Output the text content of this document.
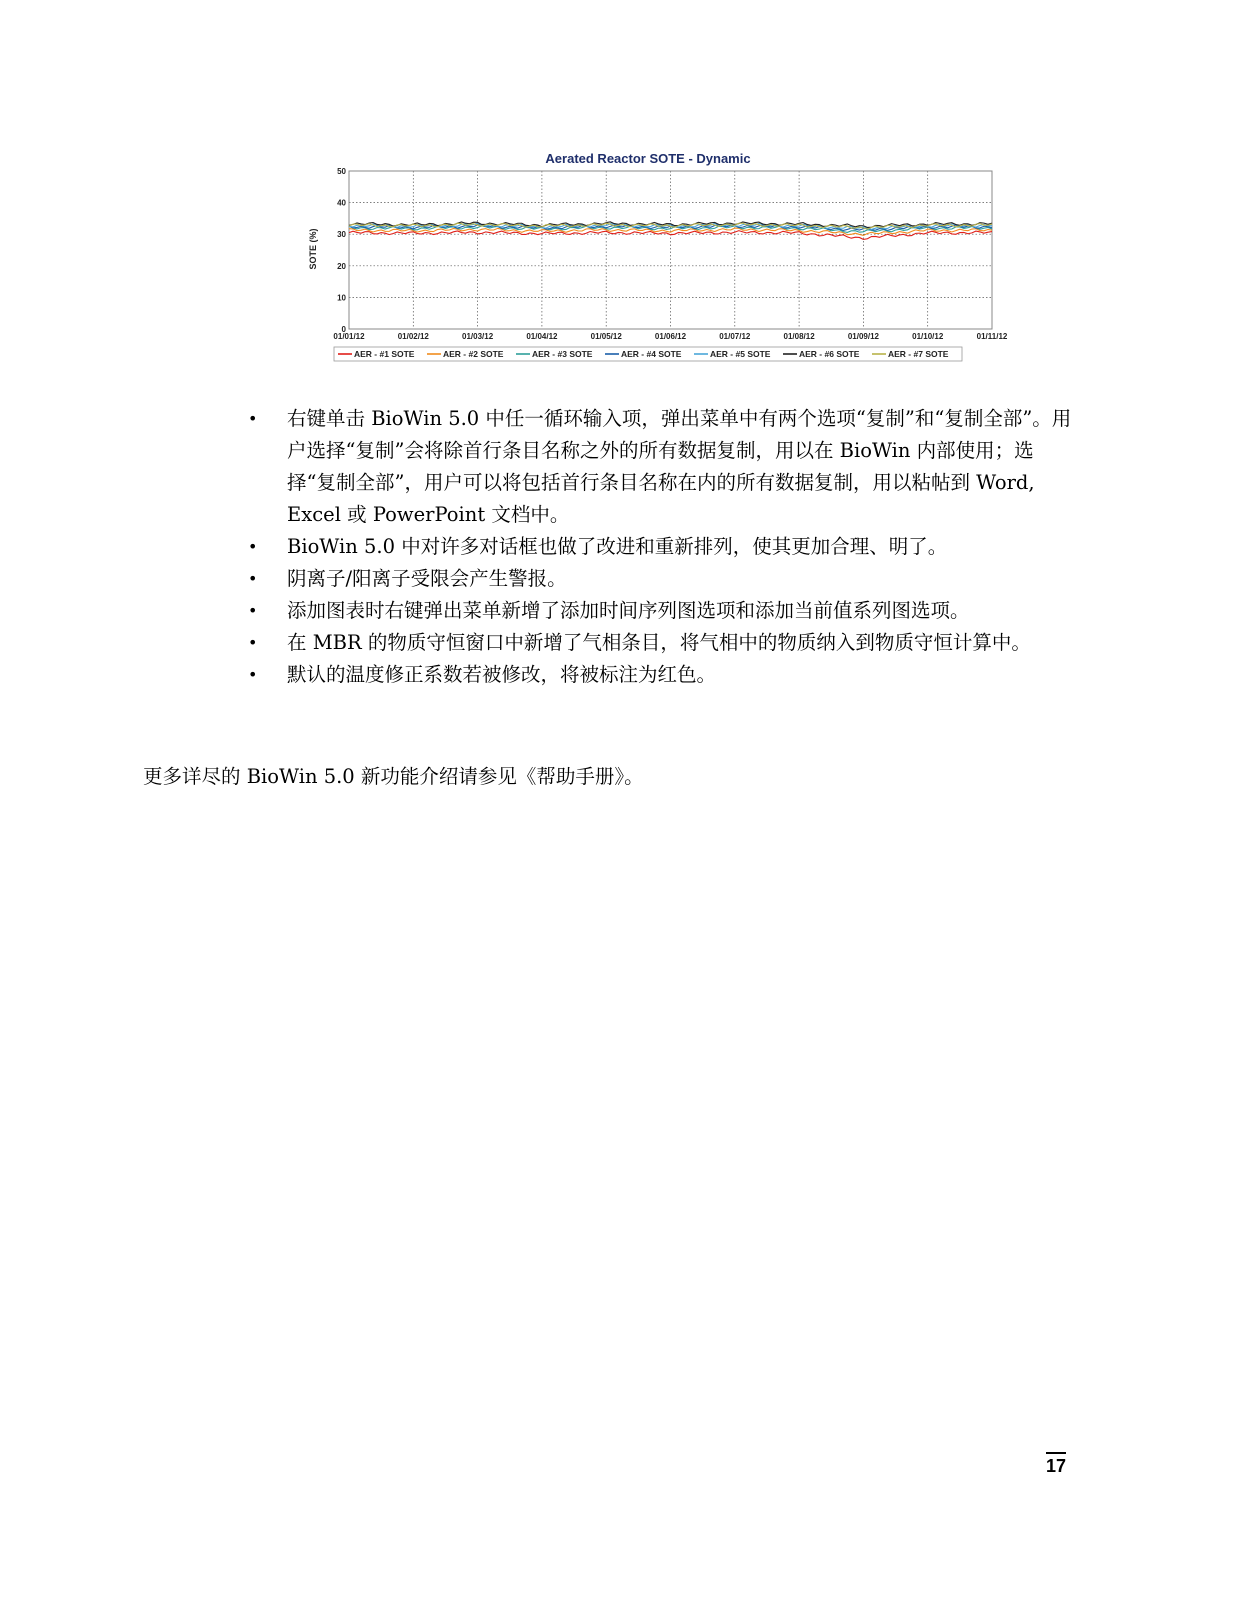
Aerated Reactor SOTE - Dynamic
SOTE (%)
0
10
20
30
40
50
01/01/12	01/02/12	01/03/12	01/04/12	01/05/12	01/06/12	01/07/12	01/08/12	01/09/12	01/10/12	01/11/12
AER - #1 SOTE	AER - #2 SOTE	AER - #3 SOTE	AER - #4 SOTE	AER - #5 SOTE	AER - #6 SOTE	AER - #7 SOTE
• 右键单击 BioWin 5.0 中任一循环输入项，弹出菜单中有两个选项“复制”和“复制全部”。用户选择“复制”会将除首行条目名称之外的所有数据复制，用以在 BioWin 内部使用；选择“复制全部”，用户可以将包括首行条目名称在内的所有数据复制，用以粘帖到 Word, Excel 或 PowerPoint 文档中。
• BioWin 5.0 中对许多对话框也做了改进和重新排列，使其更加合理、明了。
• 阴离子/阳离子受限会产生警报。
• 添加图表时右键弹出菜单新增了添加时间序列图选项和添加当前值系列图选项。
• 在 MBR 的物质守恒窗口中新增了气相条目，将气相中的物质纳入到物质守恒计算中。
• 默认的温度修正系数若被修改，将被标注为红色。

更多详尽的 BioWin 5.0 新功能介绍请参见《帮助手册》。

17
